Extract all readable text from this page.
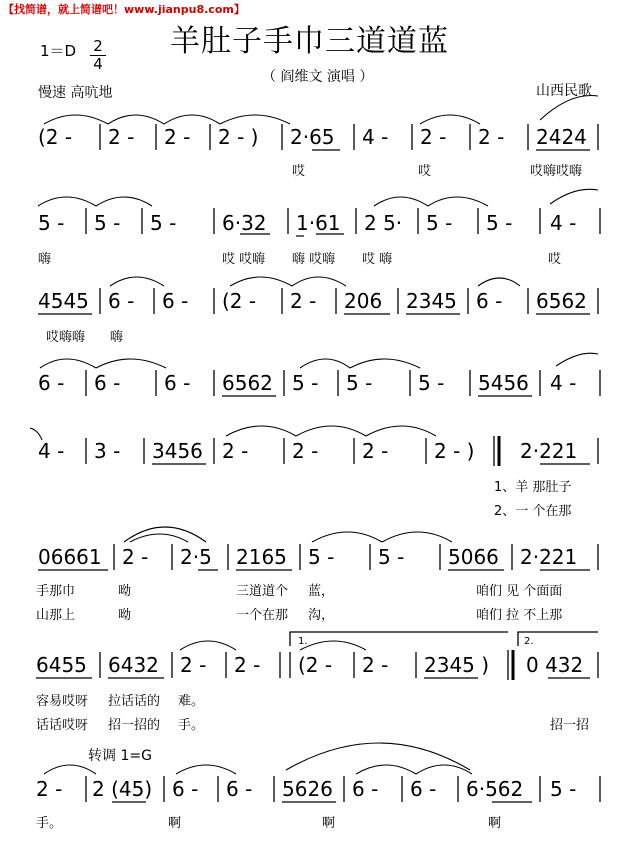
【找简谱，就上简谱吧！www.jianpu8.com】
羊肚子手巾三道道蓝
（ 阎维文 演唱 ）
1＝D 2
4
慢速 高吭地	山西民歌
(2 - 2 - 2 - 2 - ) 2·65 4 - 2 - 2 - 2424
哎	哎	哎嗨哎嗨
5 - 5 - 5 - 6·32 1·61 2 5· 5 - 5 - 4 -
嗨	哎 哎嗨 嗨 哎嗨 哎 嗨	哎
4545 6 - 6 - (2 - 2 - 206 2345 6 - 6562
哎嗨嗨 嗨
6 - 6 - 6 - 6562 5 - 5 - 5 - 5456 4 -
4 - 3 - 3456 2 - 2 - 2 - 2 - ) 2·221
1、羊 那肚子
2、一 个在那
06661 2 - 2·5 2165 5 - 5 - 5066 2·221
手那巾	呦	三道道个 蓝，	咱们 见 个面面
山那上	呦	一个在那 沟，	咱们 拉 不上那
6455 6432 2 - 2 -
1.
(2 - 2 - 2345 )
2.
0 432
容易哎呀 拉话话的 难。
话话哎呀 招一招的 手。	招一招
转调 1=G
2 - 2 (45) 6 - 6 - 5626 6 - 6 - 6·562 5 -
手。	啊	啊	啊
